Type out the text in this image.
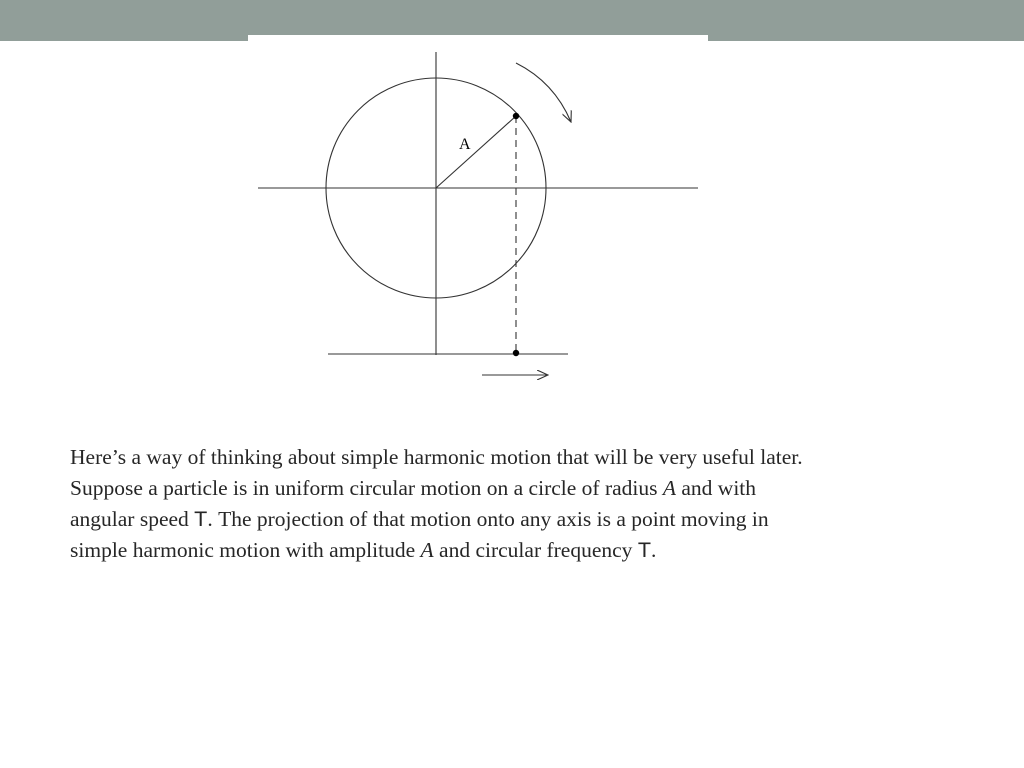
A

Here’s a way of thinking about simple harmonic motion that will be very useful later.

Suppose a particle is in uniform circular motion on a circle of radius A and with

angular speed Τ. The projection of that motion onto any axis is a point moving in

simple harmonic motion with amplitude A and circular frequency Τ.
